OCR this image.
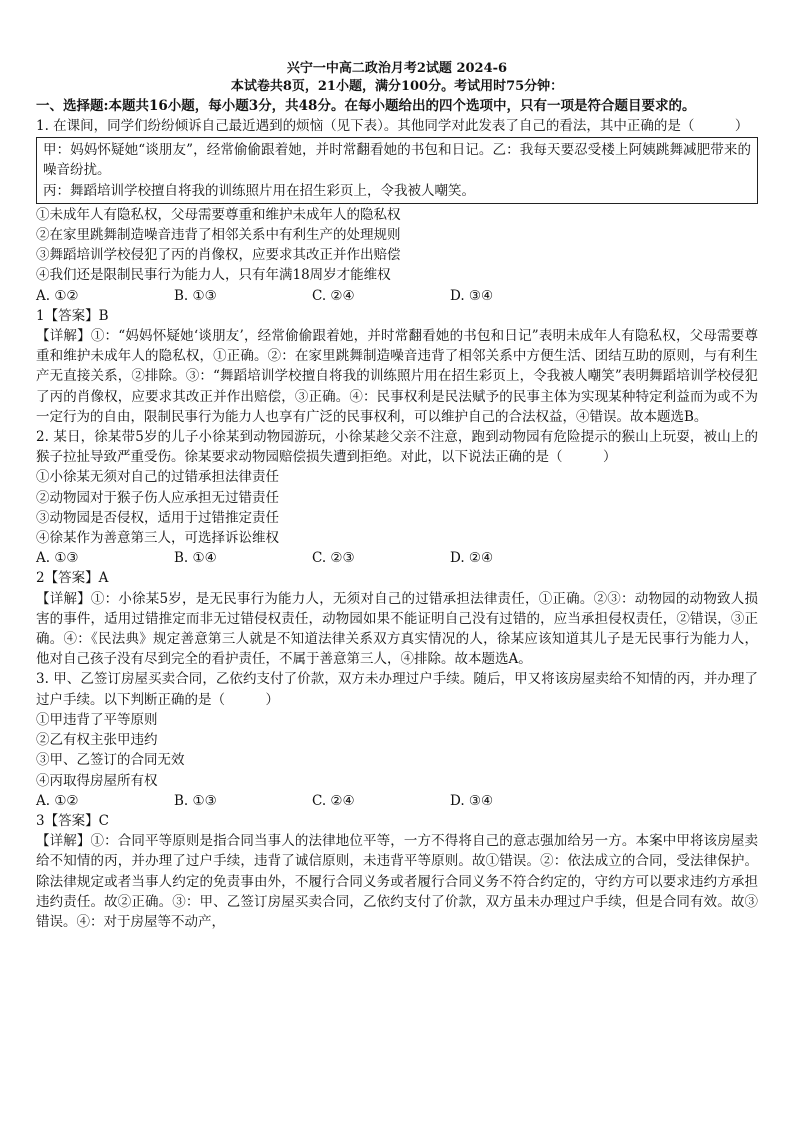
兴宁一中高二政治月考2试题 2024-6

本试卷共8页，21小题，满分100分。考试用时75分钟：

一、选择题:本题共16小题，每小题3分，共48分。在每小题给出的四个选项中，只有一项是符合题目要求的。

1. 在课间，同学们纷纷倾诉自己最近遇到的烦恼（见下表）。其他同学对此发表了自己的看法，其中正确的是（　　　）

甲：妈妈怀疑她“谈朋友”，经常偷偷跟着她，并时常翻看她的书包和日记。乙：我每天要忍受楼上阿姨跳舞减肥带来的噪音纷扰。

丙：舞蹈培训学校擅自将我的训练照片用在招生彩页上，令我被人嘲笑。

①未成年人有隐私权，父母需要尊重和维护未成年人的隐私权

②在家里跳舞制造噪音违背了相邻关系中有利生产的处理规则

③舞蹈培训学校侵犯了丙的肖像权，应要求其改正并作出赔偿

④我们还是限制民事行为能力人，只有年满18周岁才能维权

A. ①②	B. ①③	C. ②④	D. ③④

1【答案】B

【详解】①：“妈妈怀疑她‘谈朋友’，经常偷偷跟着她，并时常翻看她的书包和日记”表明未成年人有隐私权，父母需要尊重和维护未成年人的隐私权，①正确。②：在家里跳舞制造噪音违背了相邻关系中方便生活、团结互助的原则，与有利生产无直接关系，②排除。③：“舞蹈培训学校擅自将我的训练照片用在招生彩页上，令我被人嘲笑”表明舞蹈培训学校侵犯了丙的肖像权，应要求其改正并作出赔偿，③正确。④：民事权利是民法赋予的民事主体为实现某种特定利益而为或不为一定行为的自由，限制民事行为能力人也享有广泛的民事权利，可以维护自己的合法权益，④错误。故本题选B。

2. 某日，徐某带5岁的儿子小徐某到动物园游玩，小徐某趁父亲不注意，跑到动物园有危险提示的猴山上玩耍，被山上的猴子拉扯导致严重受伤。徐某要求动物园赔偿损失遭到拒绝。对此，以下说法正确的是（　　　）

①小徐某无须对自己的过错承担法律责任

②动物园对于猴子伤人应承担无过错责任

③动物园是否侵权，适用于过错推定责任

④徐某作为善意第三人，可选择诉讼维权

A. ①③	B. ①④	C. ②③	D. ②④

2【答案】A

【详解】①：小徐某5岁，是无民事行为能力人，无须对自己的过错承担法律责任，①正确。②③：动物园的动物致人损害的事件，适用过错推定而非无过错侵权责任，动物园如果不能证明自己没有过错的，应当承担侵权责任，②错误，③正确。④：《民法典》规定善意第三人就是不知道法律关系双方真实情况的人，徐某应该知道其儿子是无民事行为能力人，他对自己孩子没有尽到完全的看护责任，不属于善意第三人，④排除。故本题选A。

3. 甲、乙签订房屋买卖合同，乙依约支付了价款，双方未办理过户手续。随后，甲又将该房屋卖给不知情的丙，并办理了过户手续。以下判断正确的是（　　　）

①甲违背了平等原则

②乙有权主张甲违约

③甲、乙签订的合同无效

④丙取得房屋所有权

A. ①②	B. ①③	C. ②④	D. ③④

3【答案】C

【详解】①：合同平等原则是指合同当事人的法律地位平等，一方不得将自己的意志强加给另一方。本案中甲将该房屋卖给不知情的丙，并办理了过户手续，违背了诚信原则，未违背平等原则。故①错误。②：依法成立的合同，受法律保护。除法律规定或者当事人约定的免责事由外，不履行合同义务或者履行合同义务不符合约定的，守约方可以要求违约方承担违约责任。故②正确。③：甲、乙签订房屋买卖合同，乙依约支付了价款，双方虽未办理过户手续，但是合同有效。故③错误。④：对于房屋等不动产，
